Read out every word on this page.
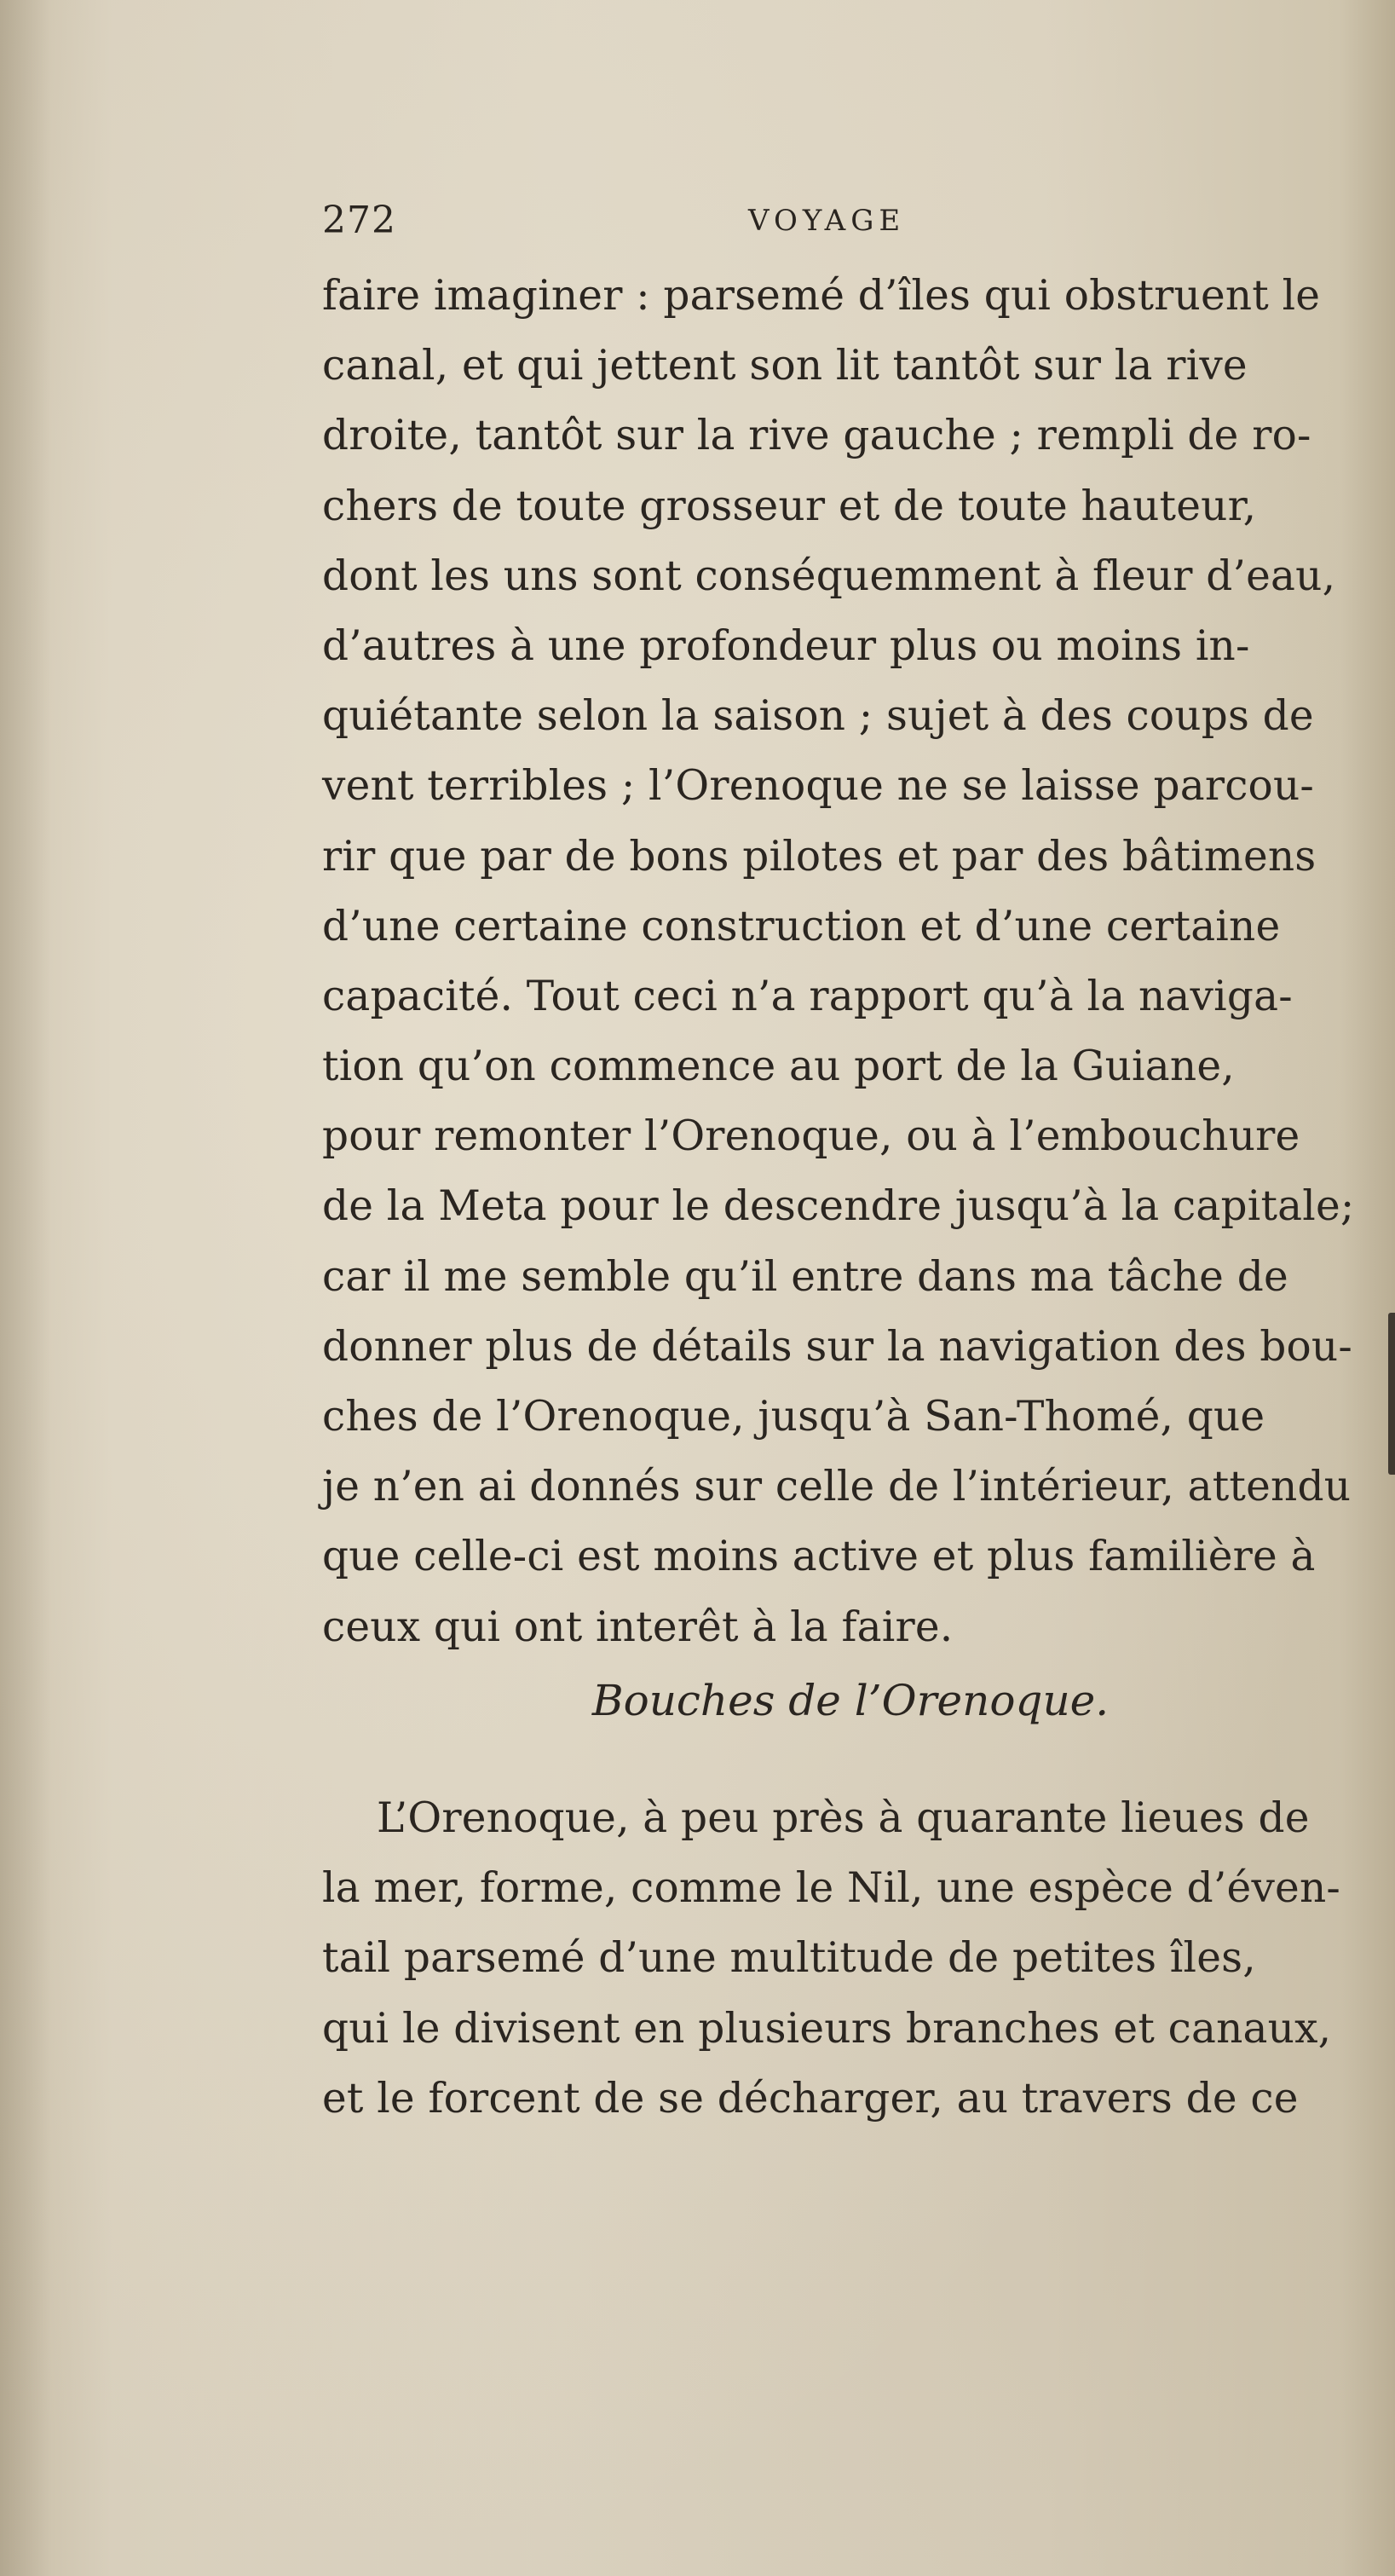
272	VOYAGE
faire imaginer : parsemé d’îles qui obstruent le
canal, et qui jettent son lit tantôt sur la rive
droite, tantôt sur la rive gauche ; rempli de ro-
chers de toute grosseur et de toute hauteur,
dont les uns sont conséquemment à fleur d’eau,
d’autres à une profondeur plus ou moins in-
quiétante selon la saison ; sujet à des coups de
vent terribles ; l’Orenoque ne se laisse parcou-
rir que par de bons pilotes et par des bâtimens
d’une certaine construction et d’une certaine
capacité. Tout ceci n’a rapport qu’à la naviga-
tion qu’on commence au port de la Guiane,
pour remonter l’Orenoque, ou à l’embouchure
de la Meta pour le descendre jusqu’à la capitale;
car il me semble qu’il entre dans ma tâche de
donner plus de détails sur la navigation des bou-
ches de l’Orenoque, jusqu’à San-Thomé, que
je n’en ai donnés sur celle de l’intérieur, attendu
que celle-ci est moins active et plus familière à
ceux qui ont interêt à la faire.
Bouches de l’Orenoque.
L’Orenoque, à peu près à quarante lieues de
la mer, forme, comme le Nil, une espèce d’éven-
tail parsemé d’une multitude de petites îles,
qui le divisent en plusieurs branches et canaux,
et le forcent de se décharger, au travers de ce
